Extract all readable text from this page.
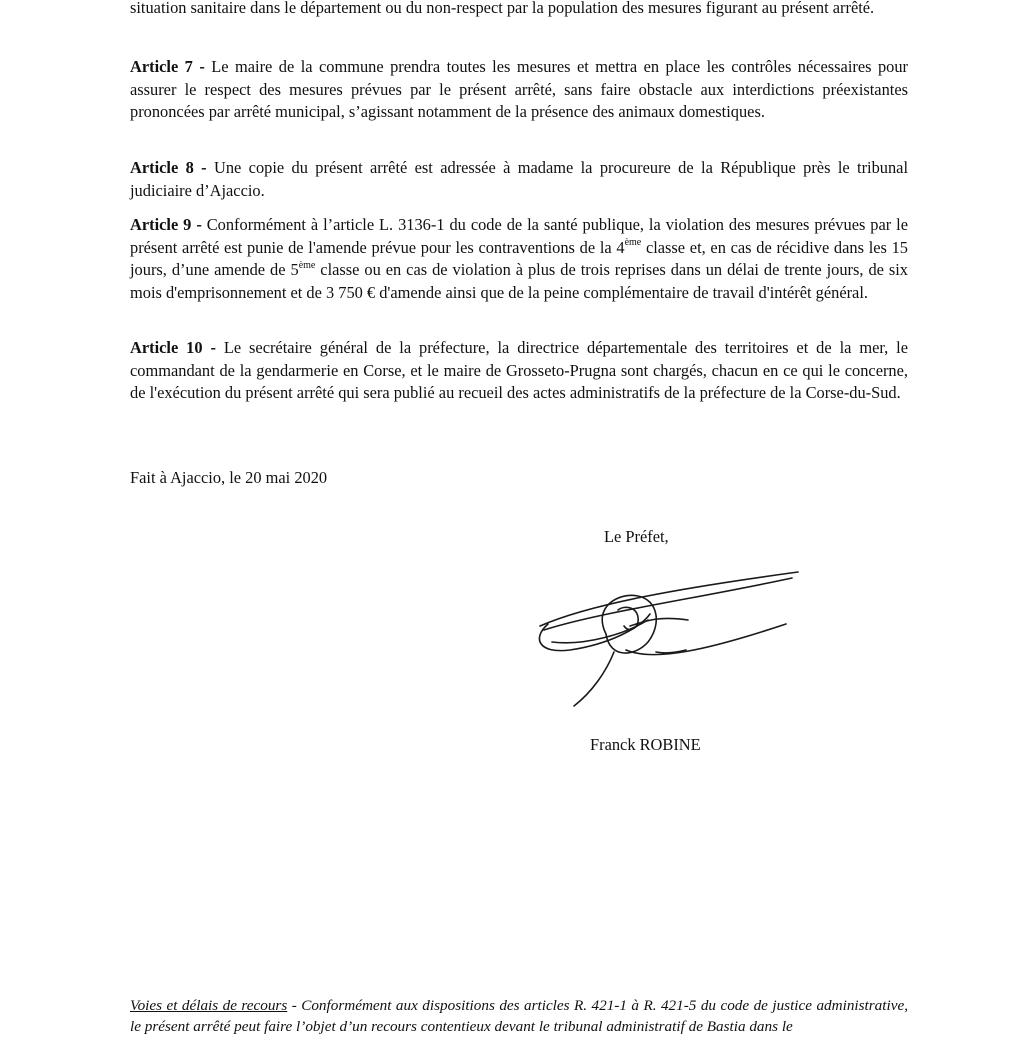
situation sanitaire dans le département ou du non-respect par la population des mesures figurant au présent arrêté.

Article 7 - Le maire de la commune prendra toutes les mesures et mettra en place les contrôles nécessaires pour assurer le respect des mesures prévues par le présent arrêté, sans faire obstacle aux interdictions préexistantes prononcées par arrêté municipal, s’agissant notamment de la présence des animaux domestiques.

Article 8 - Une copie du présent arrêté est adressée à madame la procureure de la République près le tribunal judiciaire d’Ajaccio.

Article 9 - Conformément à l’article L. 3136-1 du code de la santé publique, la violation des mesures prévues par le présent arrêté est punie de l'amende prévue pour les contraventions de la 4ème classe et, en cas de récidive dans les 15 jours, d’une amende de 5ème classe ou en cas de violation à plus de trois reprises dans un délai de trente jours, de six mois d'emprisonnement et de 3 750 € d'amende ainsi que de la peine complémentaire de travail d'intérêt général.

Article 10 - Le secrétaire général de la préfecture, la directrice départementale des territoires et de la mer, le commandant de la gendarmerie en Corse, et le maire de Grosseto-Prugna sont chargés, chacun en ce qui le concerne, de l'exécution du présent arrêté qui sera publié au recueil des actes administratifs de la préfecture de la Corse-du-Sud.

Fait à Ajaccio, le 20 mai 2020

Le Préfet,

Franck ROBINE

Voies et délais de recours - Conformément aux dispositions des articles R. 421-1 à R. 421-5 du code de justice administrative, le présent arrêté peut faire l’objet d’un recours contentieux devant le tribunal administratif de Bastia dans le
